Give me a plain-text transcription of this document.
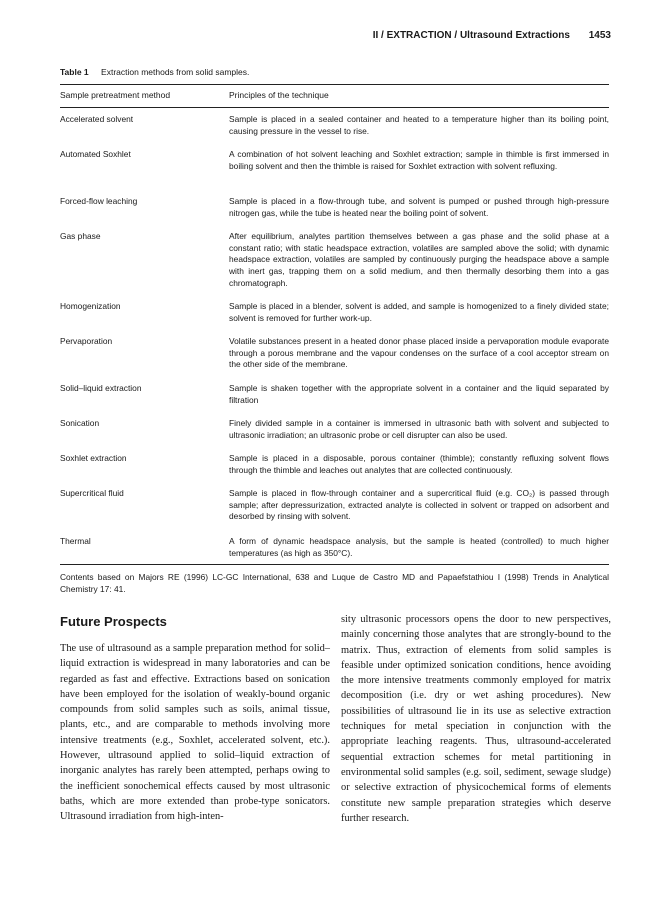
II / EXTRACTION / Ultrasound Extractions 1453
Table 1 Extraction methods from solid samples.
Sample pretreatment method	Principles of the technique
Accelerated solvent	Sample is placed in a sealed container and heated to a temperature higher than its boiling point, causing pressure in the vessel to rise.
Automated Soxhlet	A combination of hot solvent leaching and Soxhlet extraction; sample in thimble is first immersed in boiling solvent and then the thimble is raised for Soxhlet extraction with solvent refluxing.
Forced-flow leaching	Sample is placed in a flow-through tube, and solvent is pumped or pushed through high-pressure nitrogen gas, while the tube is heated near the boiling point of solvent.
Gas phase	After equilibrium, analytes partition themselves between a gas phase and the solid phase at a constant ratio; with static headspace extraction, volatiles are sampled above the solid; with dynamic headspace extraction, volatiles are sampled by continuously purging the headspace above a sample with inert gas, trapping them on a solid medium, and then thermally desorbing them into a gas chromatograph.
Homogenization	Sample is placed in a blender, solvent is added, and sample is homogenized to a finely divided state; solvent is removed for further work-up.
Pervaporation	Volatile substances present in a heated donor phase placed inside a pervaporation module evaporate through a porous membrane and the vapour condenses on the surface of a cool acceptor stream on the other side of the membrane.
Solid–liquid extraction	Sample is shaken together with the appropriate solvent in a container and the liquid separated by filtration
Sonication	Finely divided sample in a container is immersed in ultrasonic bath with solvent and subjected to ultrasonic irradiation; an ultrasonic probe or cell disrupter can also be used.
Soxhlet extraction	Sample is placed in a disposable, porous container (thimble); constantly refluxing solvent flows through the thimble and leaches out analytes that are collected continuously.
Supercritical fluid	Sample is placed in flow-through container and a supercritical fluid (e.g. CO₂) is passed through sample; after depressurization, extracted analyte is collected in solvent or trapped on adsorbent and desorbed by rinsing with solvent.
Thermal	A form of dynamic headspace analysis, but the sample is heated (controlled) to much higher temperatures (as high as 350°C).
Contents based on Majors RE (1996) LC-GC International, 638 and Luque de Castro MD and Papaefstathiou I (1998) Trends in Analytical Chemistry 17: 41.
Future Prospects

The use of ultrasound as a sample preparation method for solid–liquid extraction is widespread in many laboratories and can be regarded as fast and effective. Extractions based on sonication have been employed for the isolation of weakly-bound organic compounds from solid samples such as soils, animal tissue, plants, etc., and are comparable to methods involving more intensive treatments (e.g., Soxhlet, accelerated solvent, etc.). However, ultrasound applied to solid–liquid extraction of inorganic analytes has rarely been attempted, perhaps owing to the inefficient sonochemical effects caused by most ultrasonic baths, which are more extended than probe-type sonicators. Ultrasound irradiation from high-inten-

sity ultrasonic processors opens the door to new perspectives, mainly concerning those analytes that are strongly-bound to the matrix. Thus, extraction of elements from solid samples is feasible under optimized sonication conditions, hence avoiding the more intensive treatments commonly employed for matrix decomposition (i.e. dry or wet ashing procedures). New possibilities of ultrasound lie in its use as selective extraction techniques for metal speciation in conjunction with the appropriate leaching reagents. Thus, ultrasound-accelerated sequential extraction schemes for metal partitioning in environmental solid samples (e.g. soil, sediment, sewage sludge) or selective extraction of physicochemical forms of elements constitute new sample preparation strategies which deserve further research.
